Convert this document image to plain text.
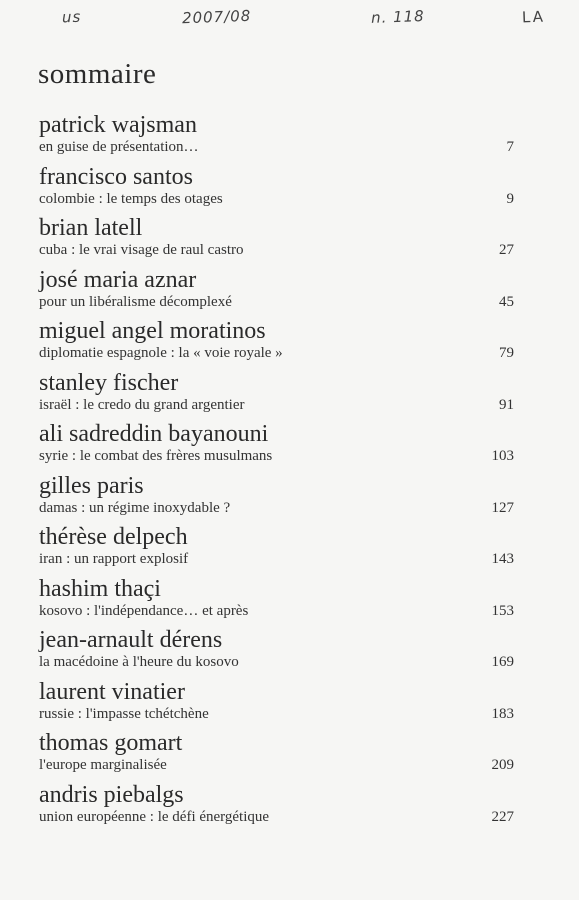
us	2007/08	n. 118	LA
sommaire
patrick wajsman
en guise de présentation…	7
francisco santos
colombie : le temps des otages	9
brian latell
cuba : le vrai visage de raul castro	27
josé maria aznar
pour un libéralisme décomplexé	45
miguel angel moratinos
diplomatie espagnole : la « voie royale »	79
stanley fischer
israël : le credo du grand argentier	91
ali sadreddin bayanouni
syrie : le combat des frères musulmans	103
gilles paris
damas : un régime inoxydable ?	127
thérèse delpech
iran : un rapport explosif	143
hashim thaçi
kosovo : l'indépendance… et après	153
jean-arnault dérens
la macédoine à l'heure du kosovo	169
laurent vinatier
russie : l'impasse tchétchène	183
thomas gomart
l'europe marginalisée	209
andris piebalgs
union européenne : le défi énergétique	227
